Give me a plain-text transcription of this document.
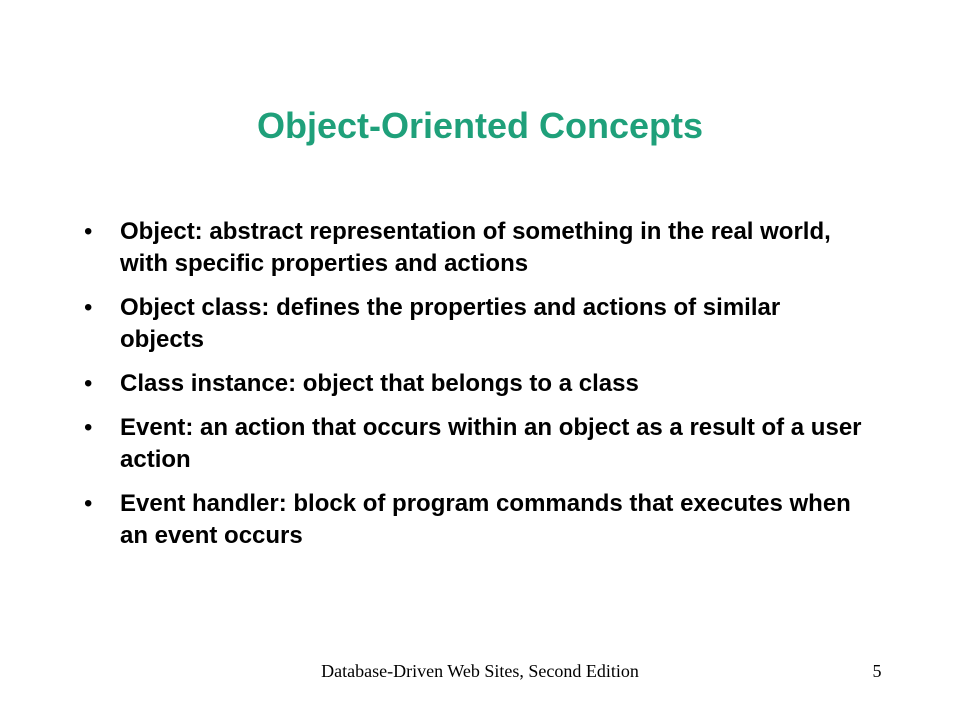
Object-Oriented Concepts
•	Object: abstract representation of something in the real world, with specific properties and actions
•	Object class: defines the properties and actions of similar objects
•	Class instance: object that belongs to a class
•	Event: an action that occurs within an object as a result of a user action
•	Event handler: block of program commands that executes when an event occurs
Database-Driven Web Sites, Second Edition	5
